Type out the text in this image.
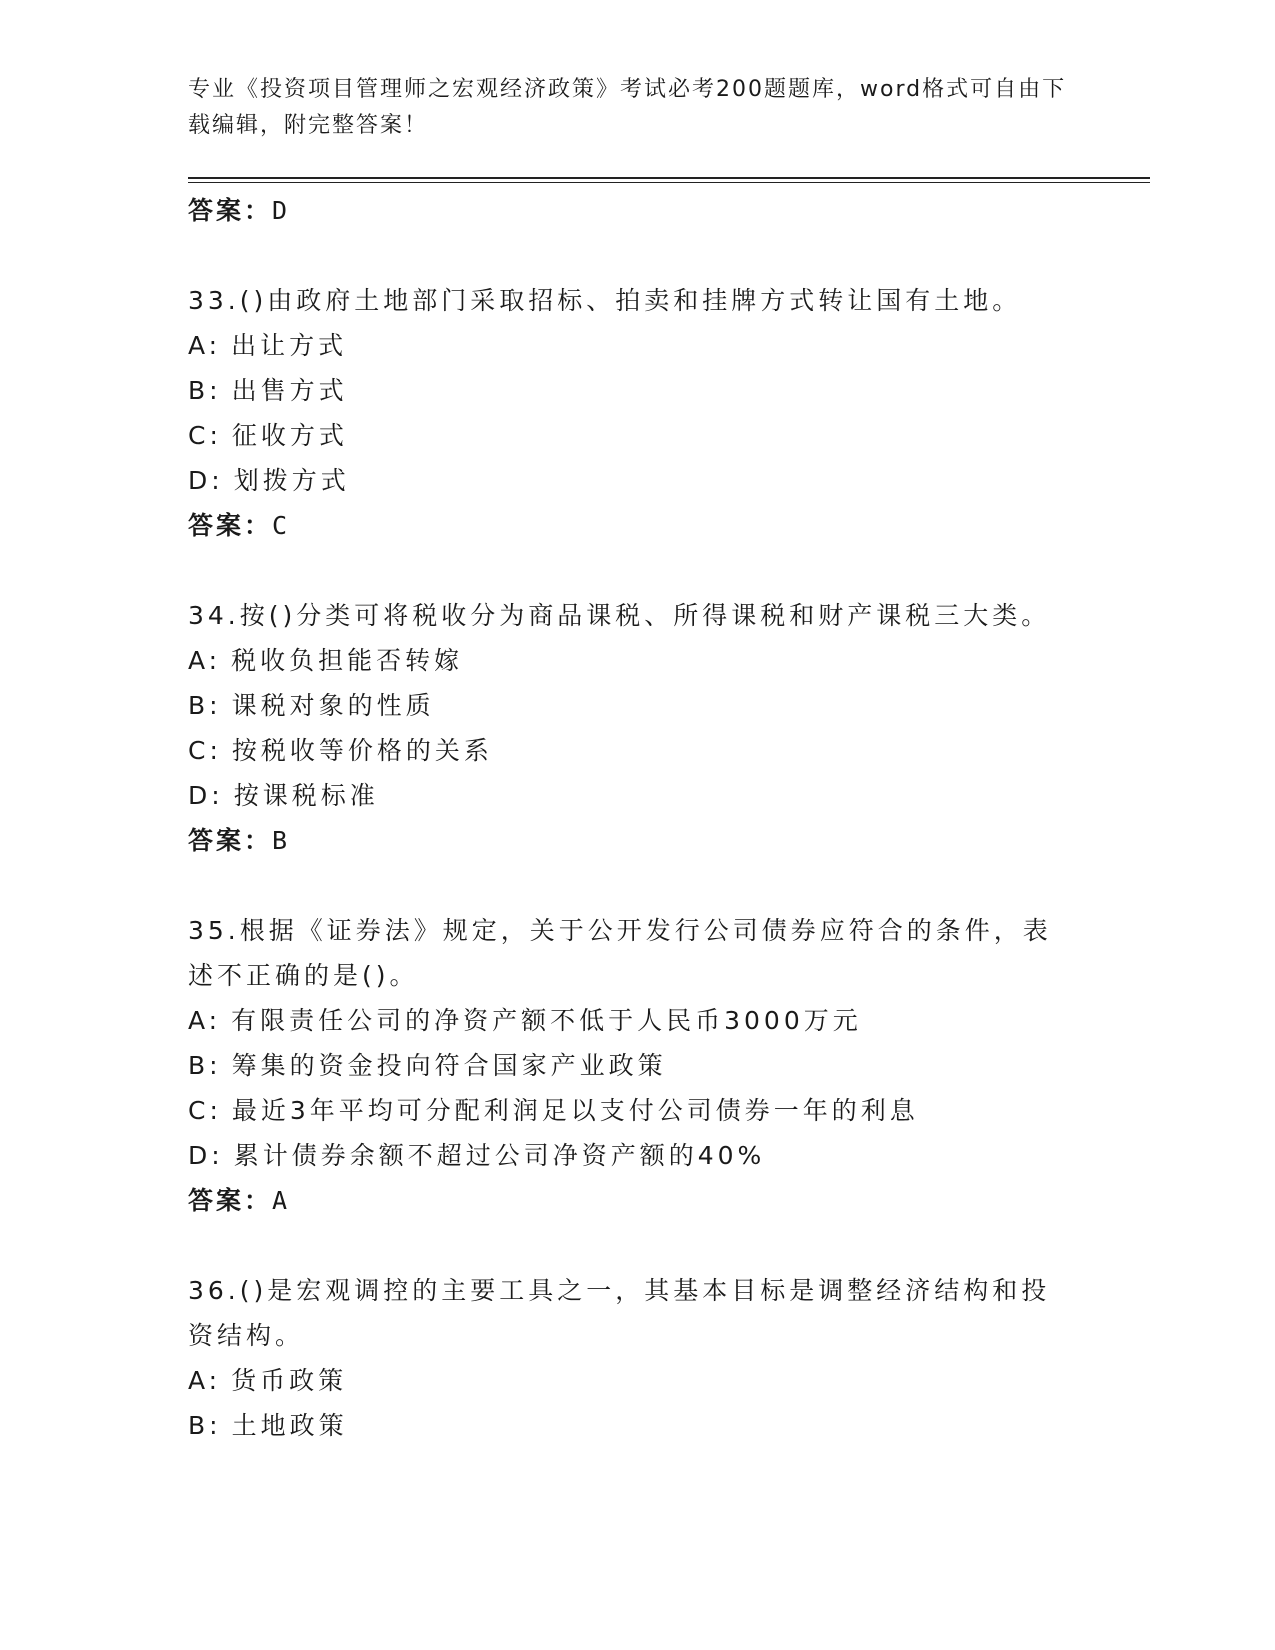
专业《投资项目管理师之宏观经济政策》考试必考200题题库，word格式可自由下载编辑，附完整答案！
答案：D
33.()由政府土地部门采取招标、拍卖和挂牌方式转让国有土地。
A: 出让方式
B: 出售方式
C: 征收方式
D: 划拨方式
答案：C
34.按()分类可将税收分为商品课税、所得课税和财产课税三大类。
A: 税收负担能否转嫁
B: 课税对象的性质
C: 按税收等价格的关系
D: 按课税标准
答案：B
35.根据《证券法》规定，关于公开发行公司债券应符合的条件，表述不正确的是()。
A: 有限责任公司的净资产额不低于人民币3000万元
B: 筹集的资金投向符合国家产业政策
C: 最近3年平均可分配利润足以支付公司债券一年的利息
D: 累计债券余额不超过公司净资产额的40%
答案：A
36.()是宏观调控的主要工具之一，其基本目标是调整经济结构和投资结构。
A: 货币政策
B: 土地政策
